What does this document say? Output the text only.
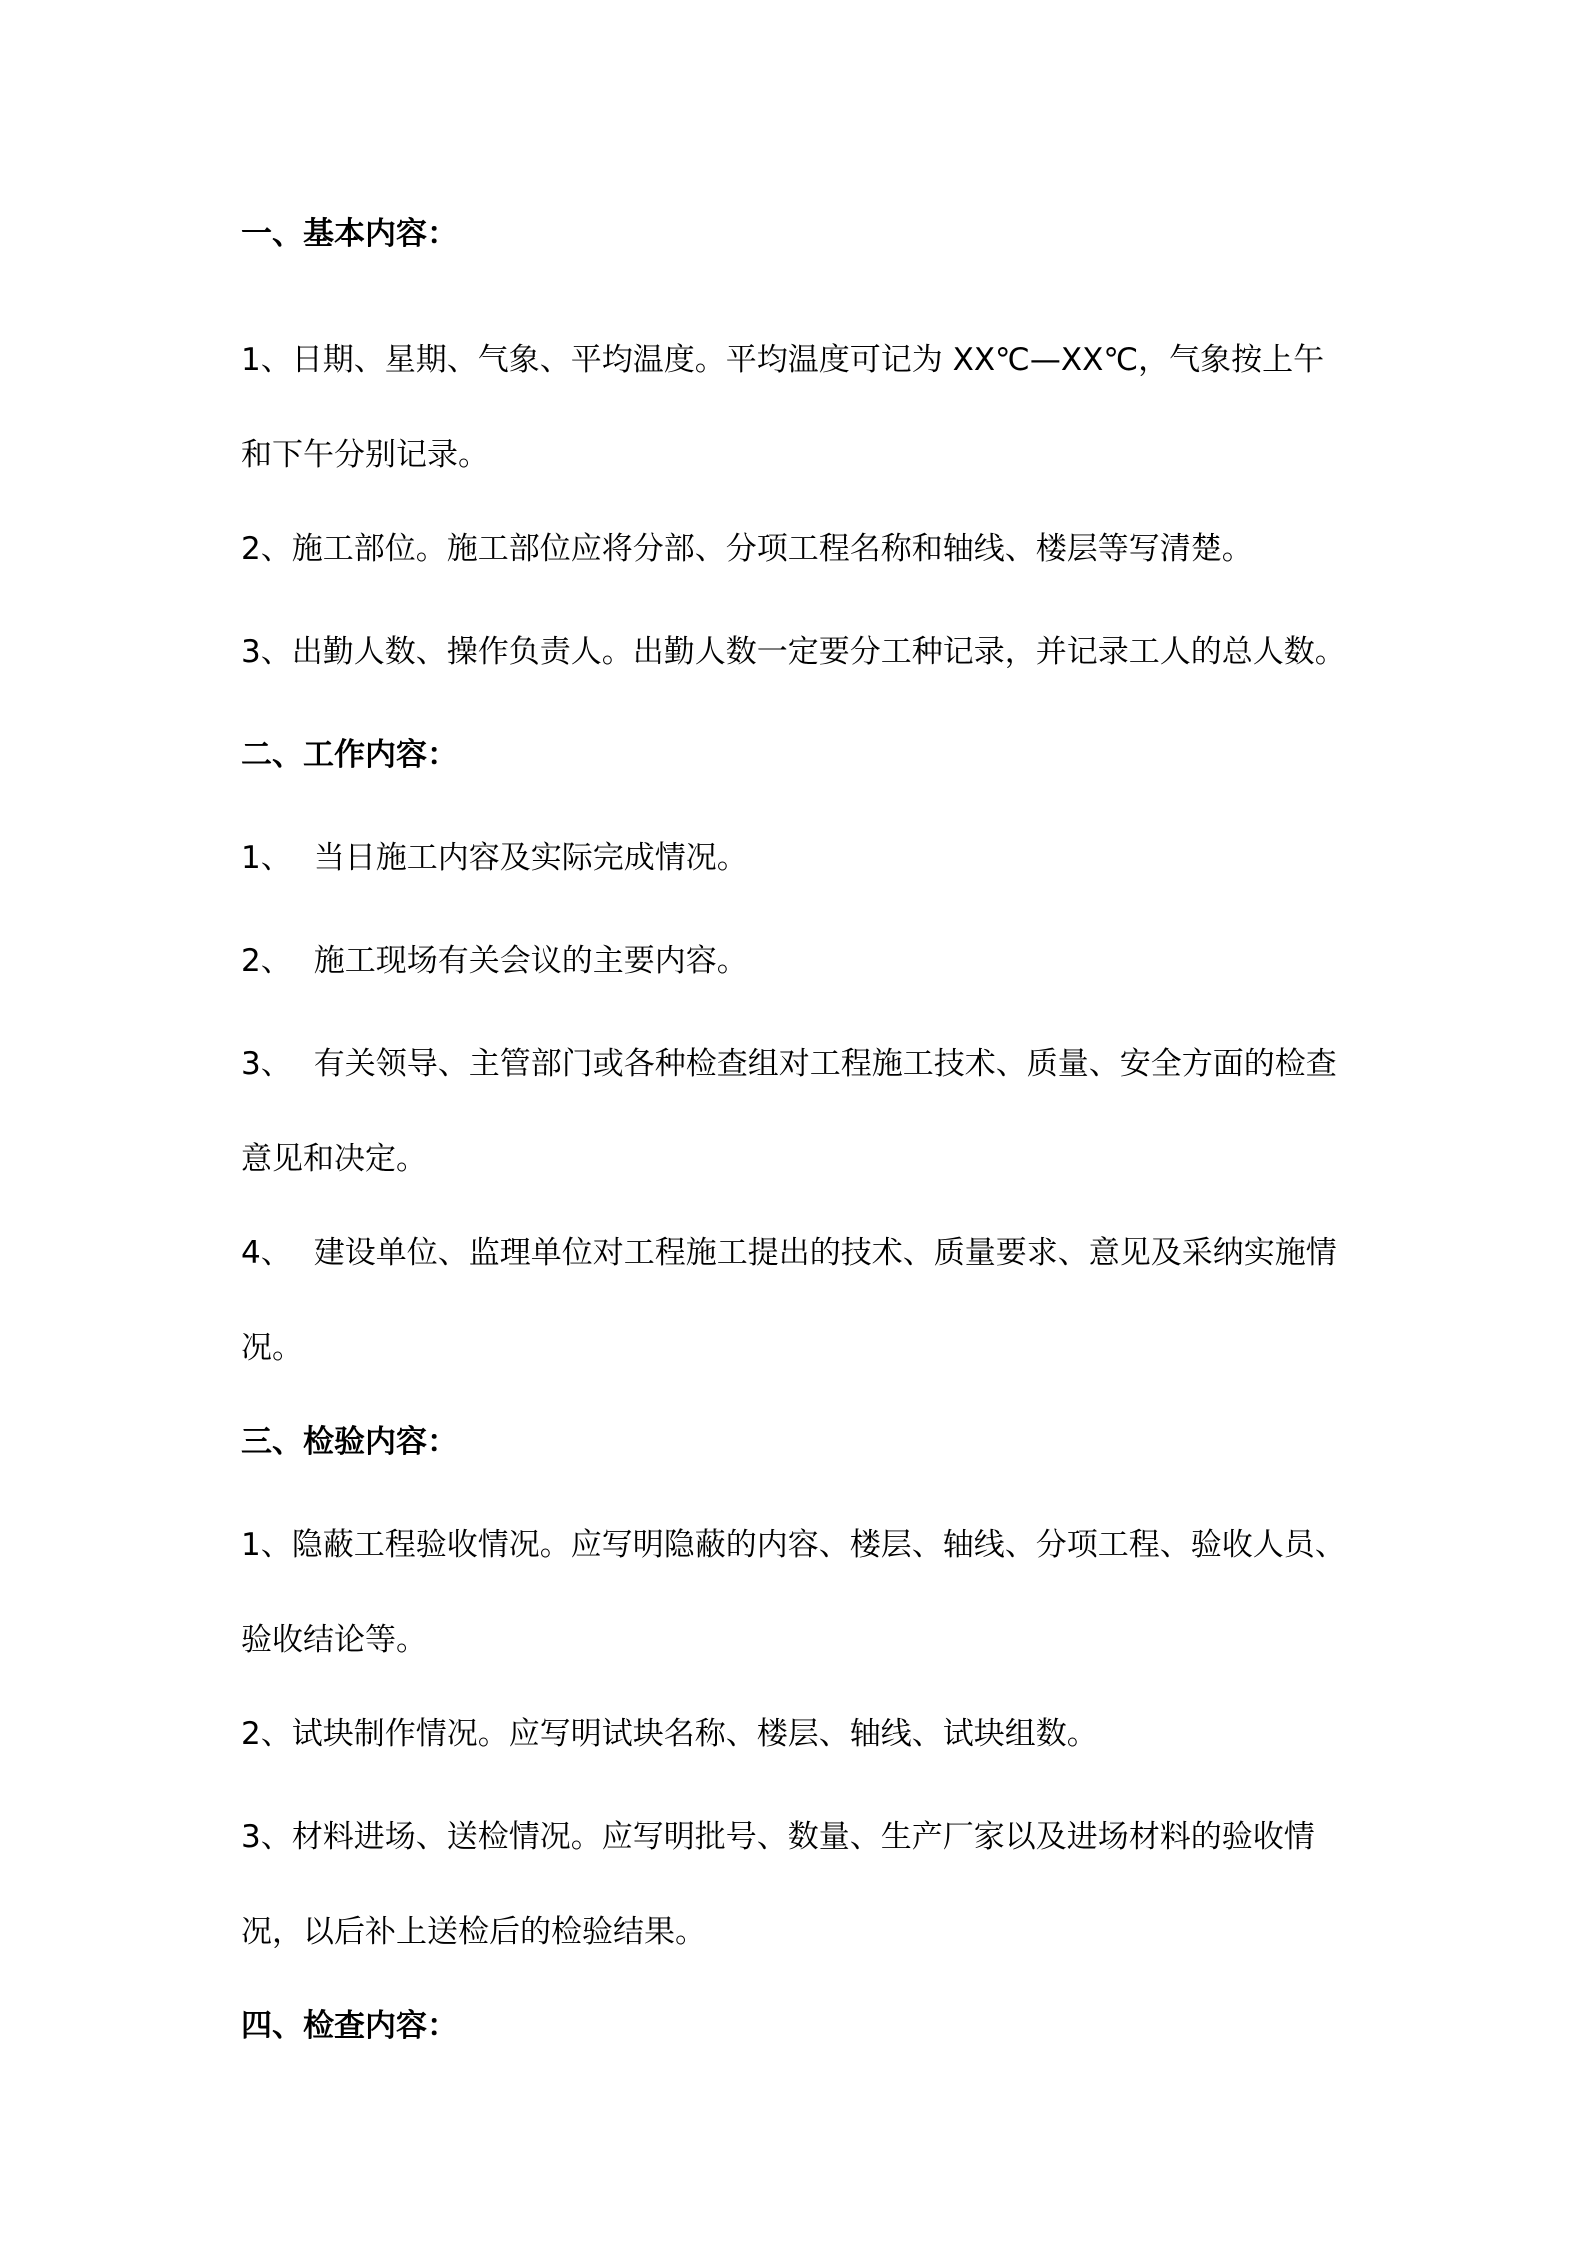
一、基本内容：
1、日期、星期、气象、平均温度。平均温度可记为 XX℃—XX℃，气象按上午
和下午分别记录。
2、施工部位。施工部位应将分部、分项工程名称和轴线、楼层等写清楚。
3、出勤人数、操作负责人。出勤人数一定要分工种记录，并记录工人的总人数。
二、工作内容：
1、 当日施工内容及实际完成情况。
2、 施工现场有关会议的主要内容。
3、 有关领导、主管部门或各种检查组对工程施工技术、质量、安全方面的检查
意见和决定。
4、 建设单位、监理单位对工程施工提出的技术、质量要求、意见及采纳实施情
况。
三、检验内容：
1、隐蔽工程验收情况。应写明隐蔽的内容、楼层、轴线、分项工程、验收人员、
验收结论等。
2、试块制作情况。应写明试块名称、楼层、轴线、试块组数。
3、材料进场、送检情况。应写明批号、数量、生产厂家以及进场材料的验收情
况，以后补上送检后的检验结果。
四、检查内容：
